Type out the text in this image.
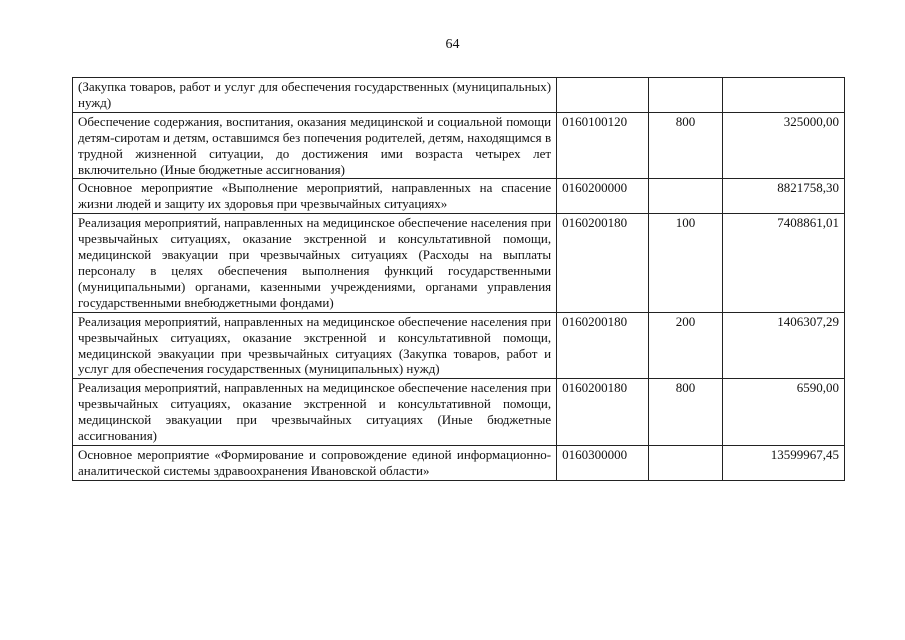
64
(Закупка товаров, работ и услуг для обеспечения государственных (муниципальных) нужд)			
Обеспечение содержания, воспитания, оказания медицинской и социальной помощи детям-сиротам и детям, оставшимся без попечения родителей, детям, находящимся в трудной жизненной ситуации, до достижения ими возраста четырех лет включительно (Иные бюджетные ассигнования)	0160100120	800	325000,00
Основное мероприятие «Выполнение мероприятий, направленных на спасение жизни людей и защиту их здоровья при чрезвычайных ситуациях»	0160200000		8821758,30
Реализация мероприятий, направленных на медицинское обеспечение населения при чрезвычайных ситуациях, оказание экстренной и консультативной помощи, медицинской эвакуации при чрезвычайных ситуациях (Расходы на выплаты персоналу в целях обеспечения выполнения функций государственными (муниципальными) органами, казенными учреждениями, органами управления государственными внебюджетными фондами)	0160200180	100	7408861,01
Реализация мероприятий, направленных на медицинское обеспечение населения при чрезвычайных ситуациях, оказание экстренной и консультативной помощи, медицинской эвакуации при чрезвычайных ситуациях (Закупка товаров, работ и услуг для обеспечения государственных (муниципальных) нужд)	0160200180	200	1406307,29
Реализация мероприятий, направленных на медицинское обеспечение населения при чрезвычайных ситуациях, оказание экстренной и консультативной помощи, медицинской эвакуации при чрезвычайных ситуациях (Иные бюджетные ассигнования)	0160200180	800	6590,00
Основное мероприятие «Формирование и сопровождение единой информационно-аналитической системы здравоохранения Ивановской области»	0160300000		13599967,45
